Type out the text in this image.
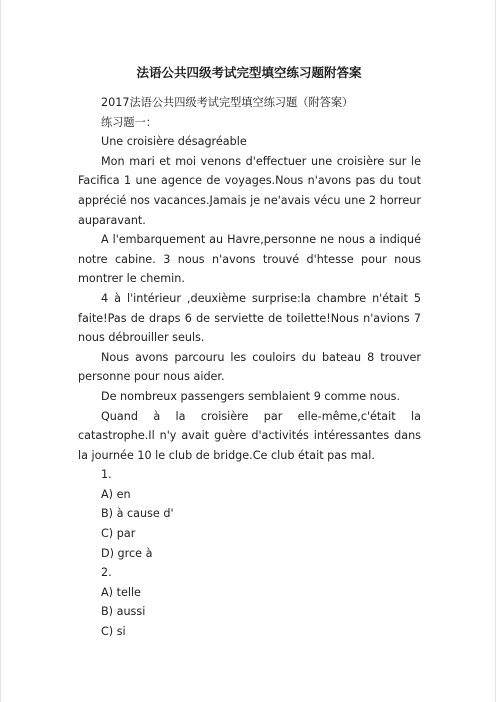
法语公共四级考试完型填空练习题附答案

2017法语公共四级考试完型填空练习题（附答案）

练习题一：

Une croisière désagréable

Mon mari et moi venons d'effectuer une croisière sur le Facifica 1 une agence de voyages.Nous n'avons pas du tout apprécié nos vacances.Jamais je ne'avais vécu une 2 horreur auparavant.

A l'embarquement au Havre,personne ne nous a indiqué notre cabine. 3 nous n'avons trouvé d'htesse pour nous montrer le chemin.

4 à l'intérieur ,deuxième surprise:la chambre n'était 5 faite!Pas de draps 6 de serviette de toilette!Nous n'avions 7 nous débrouiller seuls.

Nous avons parcouru les couloirs du bateau 8 trouver personne pour nous aider.

De nombreux passengers semblaient 9 comme nous.

Quand à la croisière par elle-même,c'était la catastrophe.Il n'y avait guère d'activités intéressantes dans la journée 10 le club de bridge.Ce club était pas mal.

1.

A) en

B) à cause d'

C) par

D) grce à

2.

A) telle

B) aussi

C) si
